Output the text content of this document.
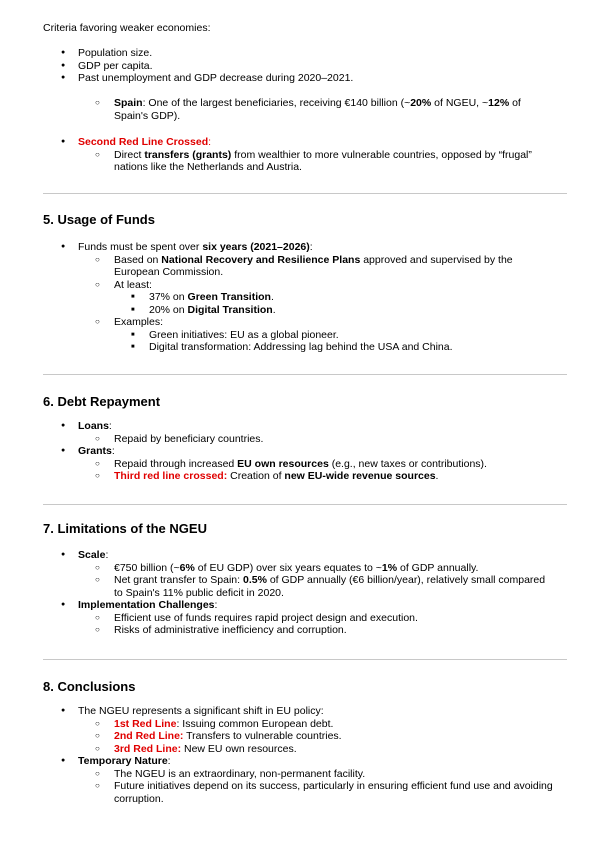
Criteria favoring weaker economies:

● Population size.
● GDP per capita.
● Past unemployment and GDP decrease during 2020–2021.
○ Spain: One of the largest beneficiaries, receiving €140 billion (~20% of NGEU, ~12% of Spain's GDP).
● Second Red Line Crossed:
○ Direct transfers (grants) from wealthier to more vulnerable countries, opposed by “frugal” nations like the Netherlands and Austria.
5. Usage of Funds
● Funds must be spent over six years (2021–2026):
○ Based on National Recovery and Resilience Plans approved and supervised by the European Commission.
○ At least:
■ 37% on Green Transition.
■ 20% on Digital Transition.
○ Examples:
■ Green initiatives: EU as a global pioneer.
■ Digital transformation: Addressing lag behind the USA and China.
6. Debt Repayment
● Loans:
○ Repaid by beneficiary countries.
● Grants:
○ Repaid through increased EU own resources (e.g., new taxes or contributions).
○ Third red line crossed: Creation of new EU-wide revenue sources.
7. Limitations of the NGEU
● Scale:
○ €750 billion (~6% of EU GDP) over six years equates to ~1% of GDP annually.
○ Net grant transfer to Spain: 0.5% of GDP annually (€6 billion/year), relatively small compared to Spain's 11% public deficit in 2020.
● Implementation Challenges:
○ Efficient use of funds requires rapid project design and execution.
○ Risks of administrative inefficiency and corruption.
8. Conclusions
● The NGEU represents a significant shift in EU policy:
○ 1st Red Line: Issuing common European debt.
○ 2nd Red Line: Transfers to vulnerable countries.
○ 3rd Red Line: New EU own resources.
● Temporary Nature:
○ The NGEU is an extraordinary, non-permanent facility.
○ Future initiatives depend on its success, particularly in ensuring efficient fund use and avoiding corruption.
